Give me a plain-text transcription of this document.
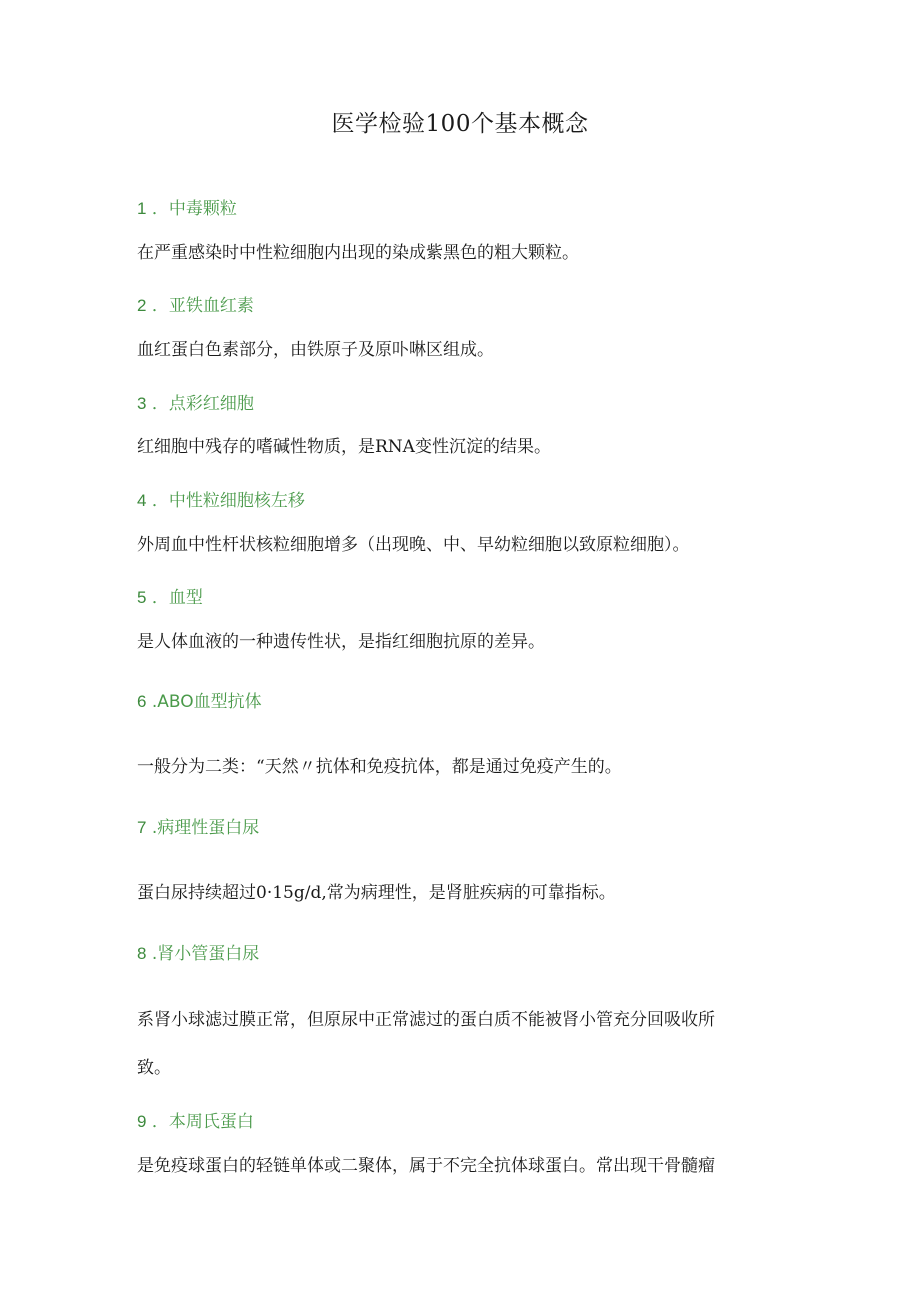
医学检验100个基本概念
1 ．中毒颗粒
在严重感染时中性粒细胞内出现的染成紫黑色的粗大颗粒。
2 ．亚铁血红素
血红蛋白色素部分，由铁原子及原卟啉区组成。
3 ．点彩红细胞
红细胞中残存的嗜碱性物质，是RNA变性沉淀的结果。
4 ．中性粒细胞核左移
外周血中性杆状核粒细胞增多（出现晚、中、早幼粒细胞以致原粒细胞）。
5 ．血型
是人体血液的一种遗传性状，是指红细胞抗原的差异。
6 .ABO血型抗体
一般分为二类：“天然〃抗体和免疫抗体，都是通过免疫产生的。
7 .病理性蛋白尿
蛋白尿持续超过0·15g/d,常为病理性，是肾脏疾病的可靠指标。
8 .肾小管蛋白尿
系肾小球滤过膜正常，但原尿中正常滤过的蛋白质不能被肾小管充分回吸收所
致。
9 ．本周氏蛋白
是免疫球蛋白的轻链单体或二聚体，属于不完全抗体球蛋白。常出现干骨髓瘤
